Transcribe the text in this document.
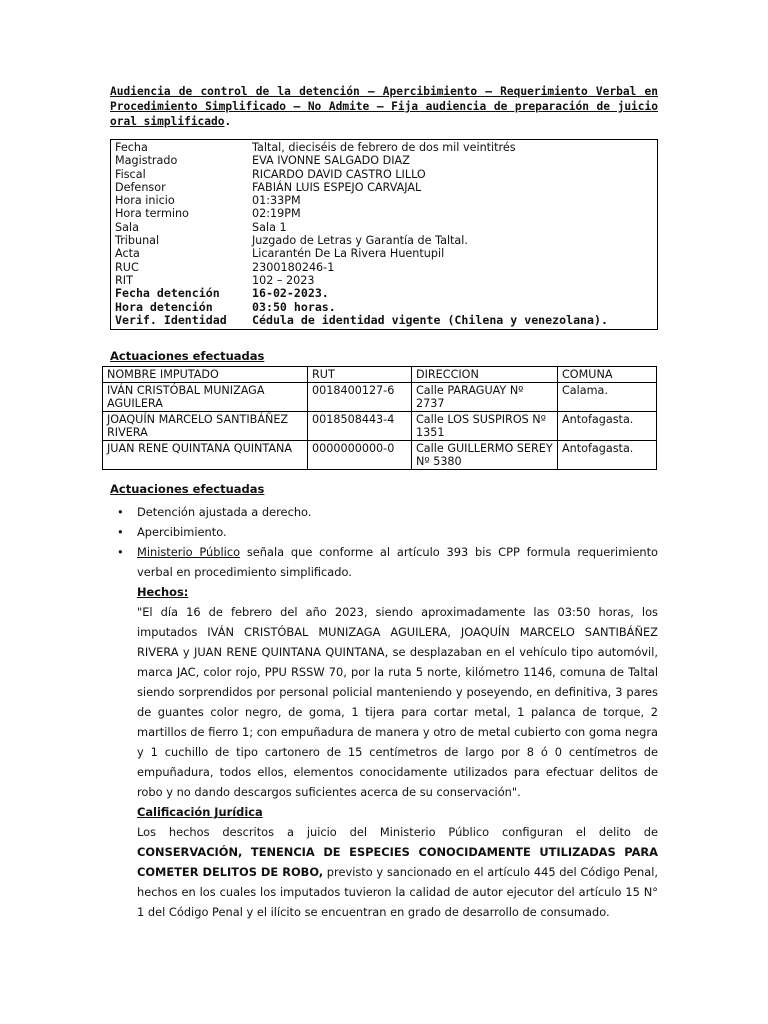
Audiencia de control de la detención – Apercibimiento – Requerimiento Verbal en Procedimiento Simplificado – No Admite – Fija audiencia de preparación de juicio oral simplificado.
Fecha	Taltal, dieciséis de febrero de dos mil veintitrés
Magistrado	EVA IVONNE SALGADO DIAZ
Fiscal	RICARDO DAVID CASTRO LILLO
Defensor	FABIÁN LUIS ESPEJO CARVAJAL
Hora inicio	01:33PM
Hora termino	02:19PM
Sala	Sala 1
Tribunal	Juzgado de Letras y Garantía de Taltal.
Acta	Licarantén De La Rivera Huentupil
RUC	2300180246-1
RIT	102 – 2023
Fecha detención	16-02-2023.
Hora detención	03:50 horas.
Verif. Identidad	Cédula de identidad vigente (Chilena y venezolana).
Actuaciones efectuadas
NOMBRE IMPUTADO	RUT	DIRECCION	COMUNA
IVÁN CRISTÓBAL MUNIZAGA AGUILERA	0018400127-6	Calle PARAGUAY Nº 2737	Calama.
JOAQUÍN MARCELO SANTIBÁÑEZ RIVERA	0018508443-4	Calle LOS SUSPIROS Nº 1351	Antofagasta.
JUAN RENE QUINTANA QUINTANA	0000000000-0	Calle GUILLERMO SEREY Nº 5380	Antofagasta.
Actuaciones efectuadas
• Detención ajustada a derecho.
• Apercibimiento.
• Ministerio Público señala que conforme al artículo 393 bis CPP formula requerimiento verbal en procedimiento simplificado.
Hechos:
"El día 16 de febrero del año 2023, siendo aproximadamente las 03:50 horas, los imputados IVÁN CRISTÓBAL MUNIZAGA AGUILERA, JOAQUÍN MARCELO SANTIBÁÑEZ RIVERA y JUAN RENE QUINTANA QUINTANA, se desplazaban en el vehículo tipo automóvil, marca JAC, color rojo, PPU RSSW 70, por la ruta 5 norte, kilómetro 1146, comuna de Taltal siendo sorprendidos por personal policial manteniendo y poseyendo, en definitiva, 3 pares de guantes color negro, de goma, 1 tijera para cortar metal, 1 palanca de torque, 2 martillos de fierro 1; con empuñadura de manera y otro de metal cubierto con goma negra y 1 cuchillo de tipo cartonero de 15 centímetros de largo por 8 ó 0 centímetros de empuñadura, todos ellos, elementos conocidamente utilizados para efectuar delitos de robo y no dando descargos suficientes acerca de su conservación".
Calificación Jurídica
Los hechos descritos a juicio del Ministerio Público configuran el delito de CONSERVACIÓN, TENENCIA DE ESPECIES CONOCIDAMENTE UTILIZADAS PARA COMETER DELITOS DE ROBO, previsto y sancionado en el artículo 445 del Código Penal, hechos en los cuales los imputados tuvieron la calidad de autor ejecutor del artículo 15 N° 1 del Código Penal y el ilícito se encuentran en grado de desarrollo de consumado.
